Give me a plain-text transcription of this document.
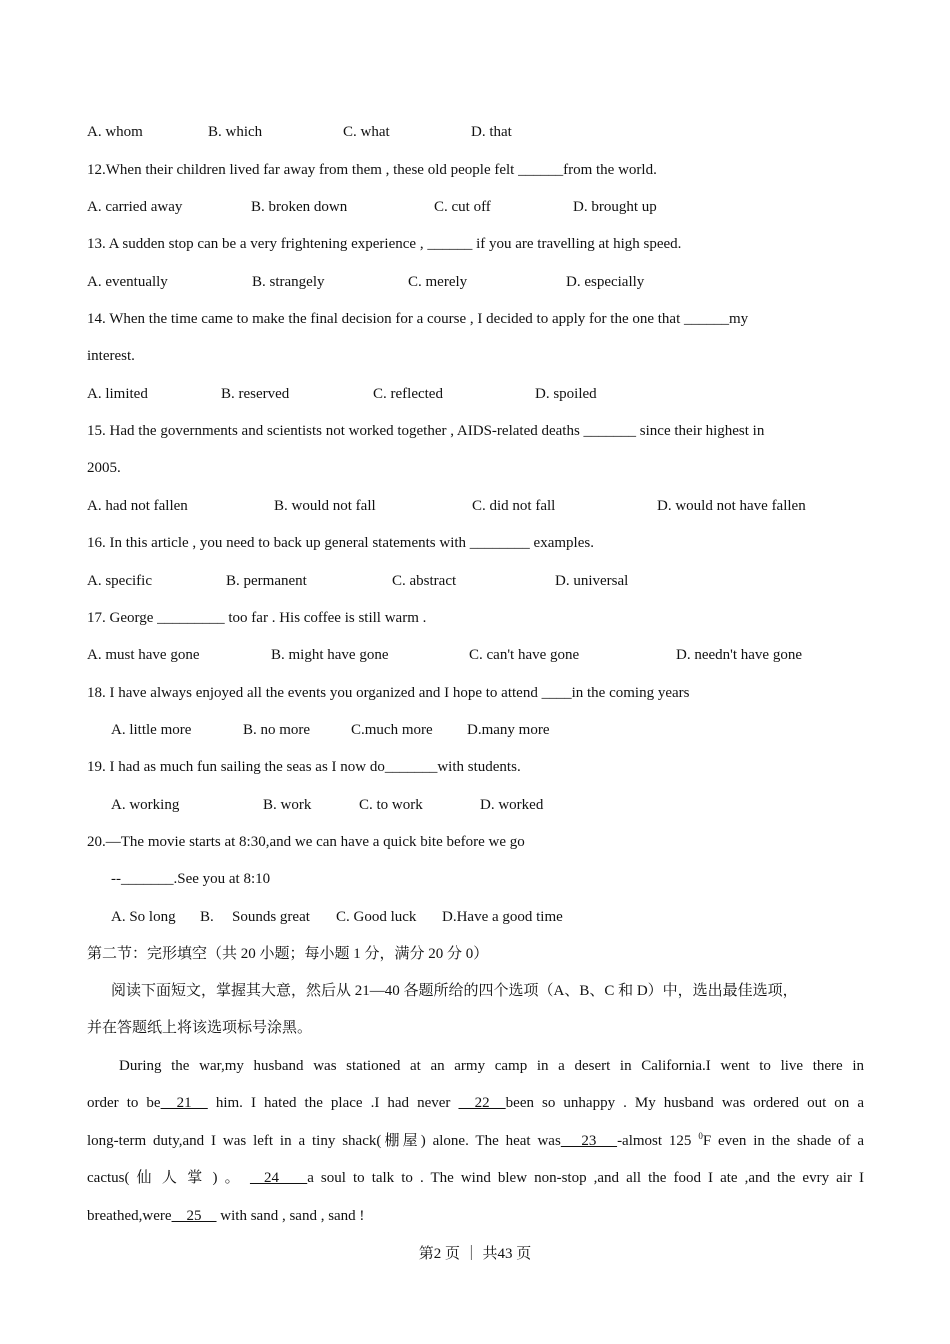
A. whom	B. which	C. what	D. that
12.When their children lived far away from them , these old people felt ______from the world.
A. carried away	B. broken down	C. cut off	D. brought up
13. A sudden stop can be a very frightening experience , ______ if you are travelling at high speed.
A. eventually	B. strangely	C. merely	D. especially
14. When the time came to make the final decision for a course , I decided to apply for the one that ______my
interest.
A. limited	B. reserved	C. reflected	D. spoiled
15. Had the governments and scientists not worked together , AIDS-related deaths _______ since their highest in
2005.
A. had not fallen	B. would not fall	C. did not fall	D. would not have fallen
16. In this article , you need to back up general statements with ________ examples.
A. specific	B. permanent	C. abstract	D. universal
17. George _________ too far . His coffee is still warm .
A. must have gone	B. might have gone	C. can't have gone	D. needn't have gone
18. I have always enjoyed all the events you organized and I hope to attend ____in the coming years
A. little more	B. no more	C.much more D.many more
19. I had as much fun sailing the seas as I now do_______with students.
A. working	B. work	C. to work	D. worked
20.—The movie starts at 8:30,and we can have a quick bite before we go
--_______.See you at 8:10
A. So long B. Sounds great C. Good luck D.Have a good time
第二节：完形填空（共 20 小题；每小题 1 分，满分 20 分 0）
阅读下面短文，掌握其大意，然后从 21—40 各题所给的四个选项（A、B、C 和 D）中，选出最佳选项，
并在答题纸上将该选项标号涂黑。
During the war,my husband was stationed at an army camp in a desert in California.I went to live there in
order to be  21   him. I hated the place .I had never   22  been so unhappy . My husband was ordered out on a
long-term duty,and I was left in a tiny shack(棚屋) alone. The heat was   23   -almost 125 $^0$F even in the shade of a
cactus( 仙 人 掌 ) 。   24    a soul to talk to . The wind blew non-stop ,and all the food I ate ,and the evry air I
breathed,were    25     with sand , sand , sand !
第2 页 ｜ 共43 页
